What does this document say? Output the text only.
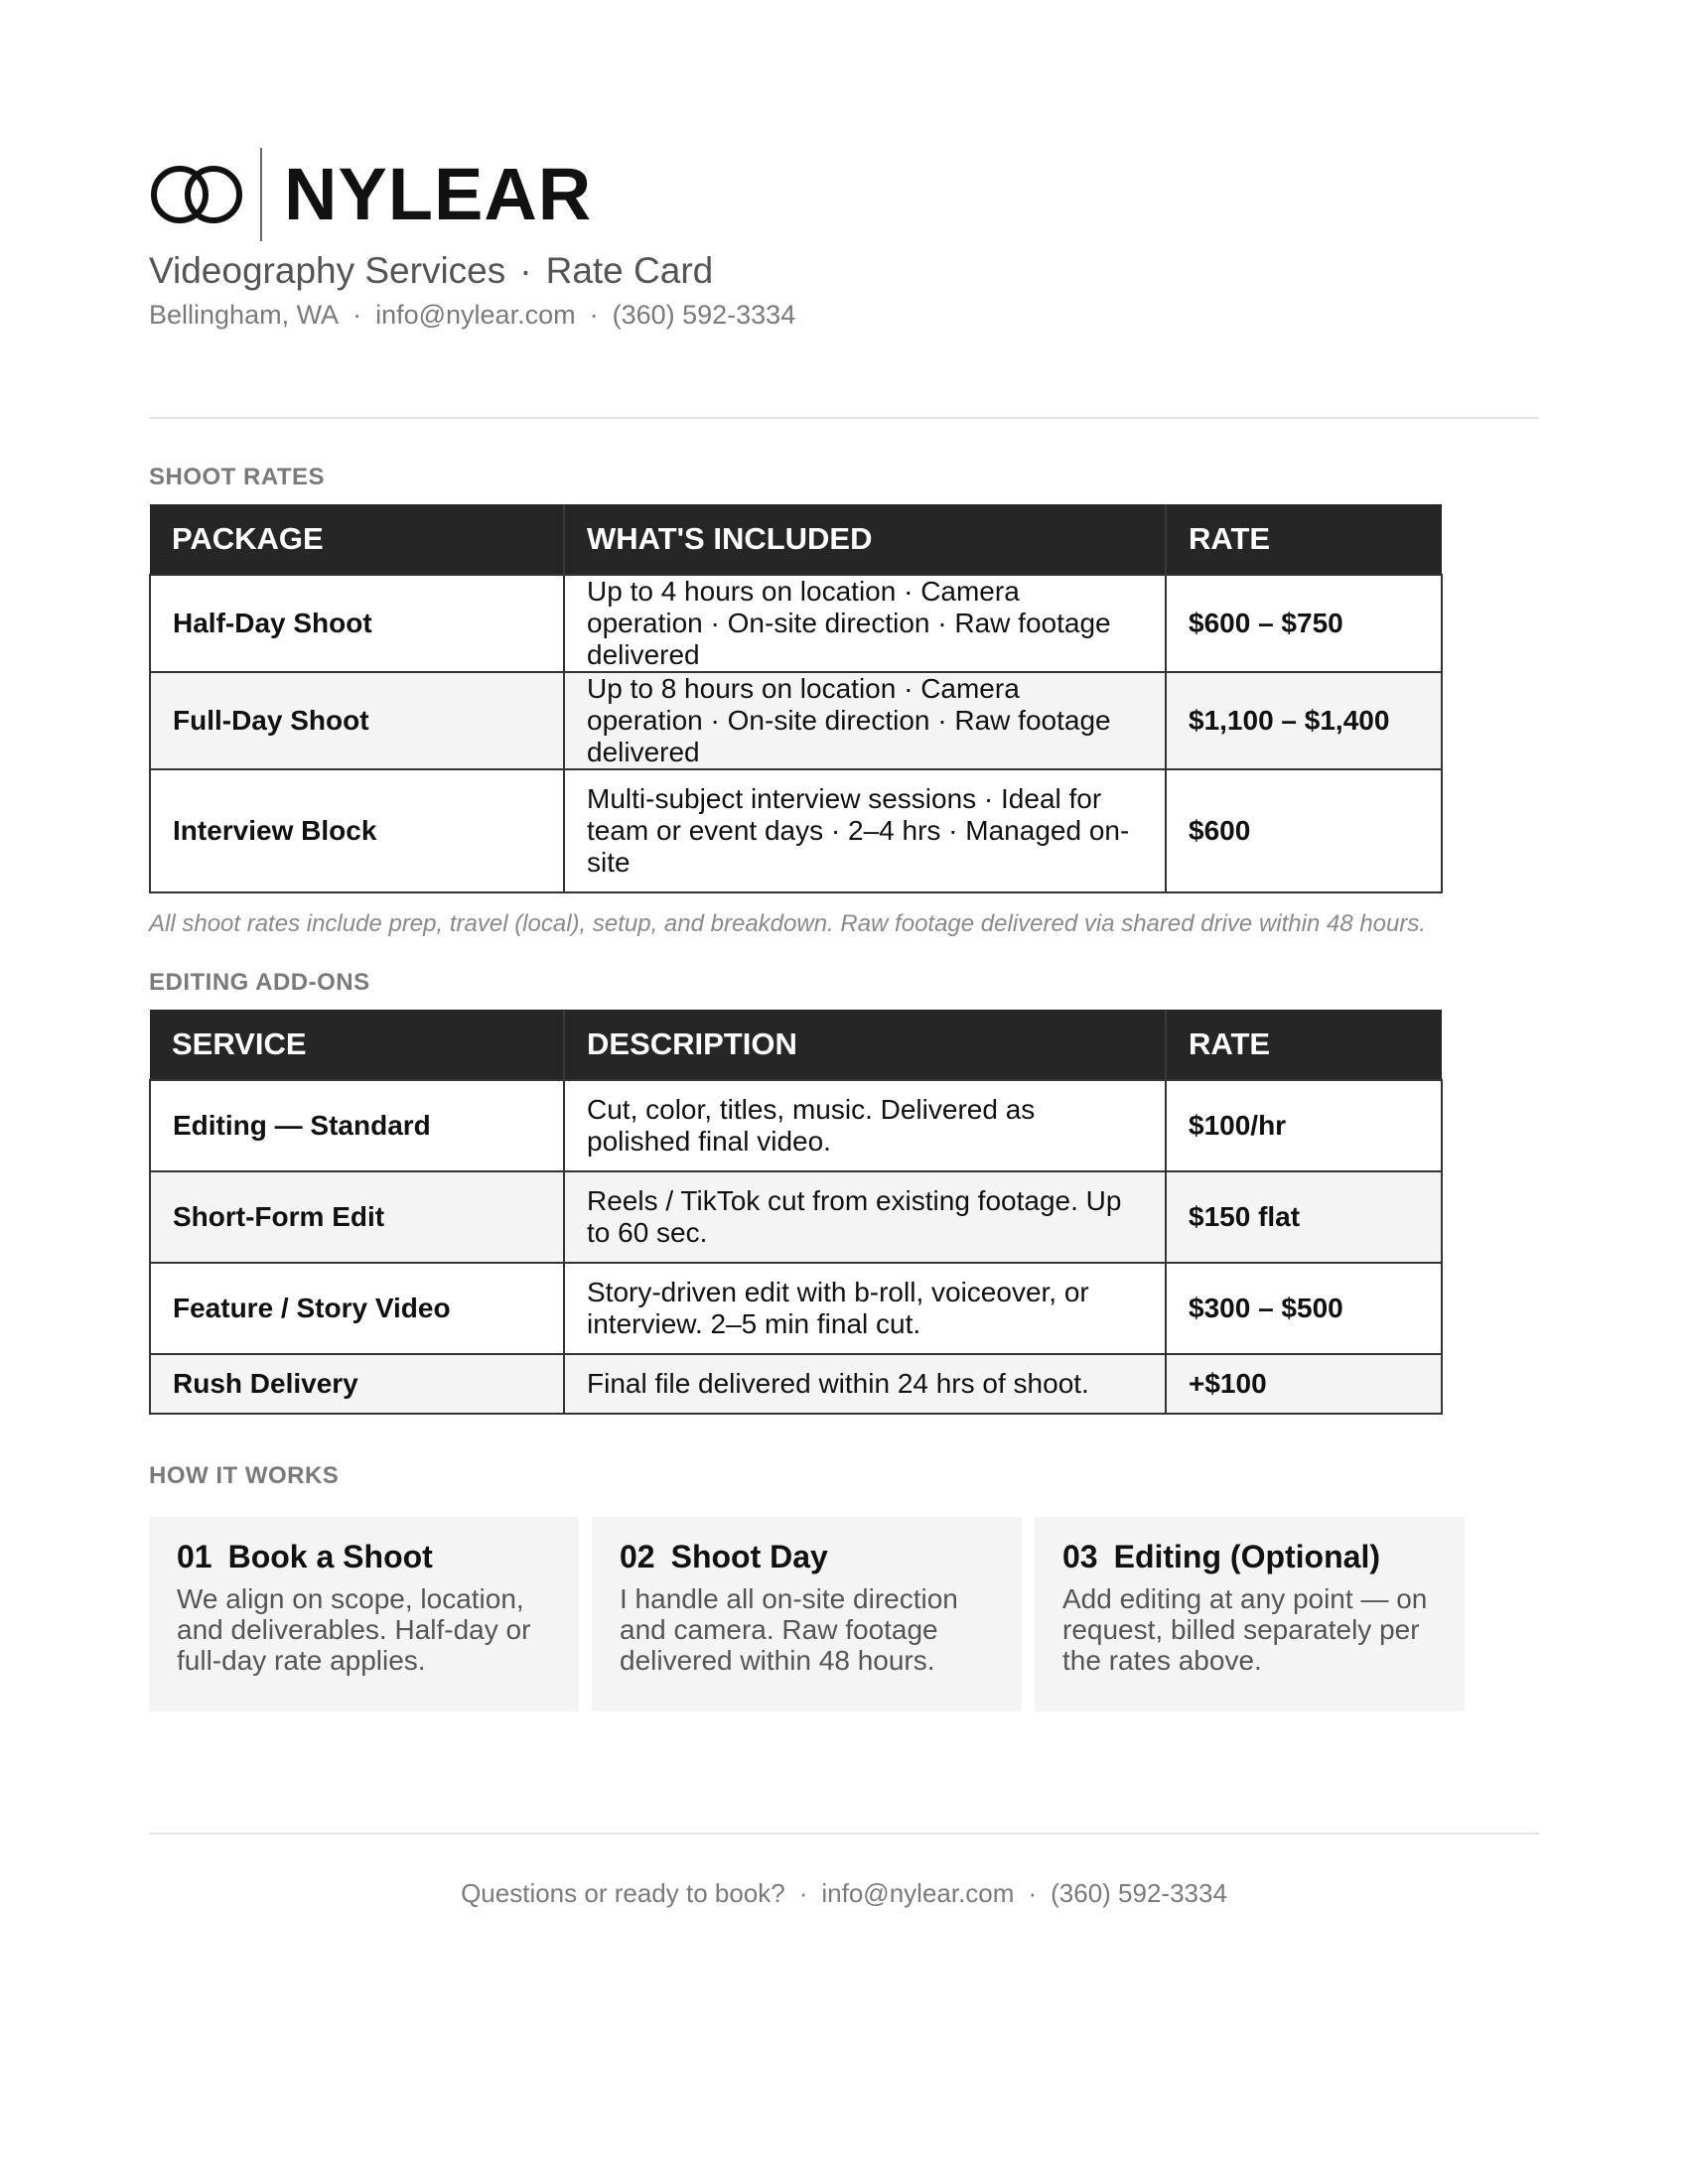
NYLEAR
Videography Services · Rate Card
Bellingham, WA · info@nylear.com · (360) 592-3334
SHOOT RATES
PACKAGE	WHAT'S INCLUDED	RATE
Half-Day Shoot	Up to 4 hours on location · Camera operation · On-site direction · Raw footage delivered	$600 – $750
Full-Day Shoot	Up to 8 hours on location · Camera operation · On-site direction · Raw footage delivered	$1,100 – $1,400
Interview Block	Multi-subject interview sessions · Ideal for team or event days · 2–4 hrs · Managed on-site	$600
All shoot rates include prep, travel (local), setup, and breakdown. Raw footage delivered via shared drive within 48 hours.
EDITING ADD-ONS
SERVICE	DESCRIPTION	RATE
Editing — Standard	Cut, color, titles, music. Delivered as polished final video.	$100/hr
Short-Form Edit	Reels / TikTok cut from existing footage. Up to 60 sec.	$150 flat
Feature / Story Video	Story-driven edit with b-roll, voiceover, or interview. 2–5 min final cut.	$300 – $500
Rush Delivery	Final file delivered within 24 hrs of shoot.	+$100
HOW IT WORKS
01 Book a Shoot
We align on scope, location, and deliverables. Half-day or full-day rate applies.
02 Shoot Day
I handle all on-site direction and camera. Raw footage delivered within 48 hours.
03 Editing (Optional)
Add editing at any point — on request, billed separately per the rates above.
Questions or ready to book? · info@nylear.com · (360) 592-3334
